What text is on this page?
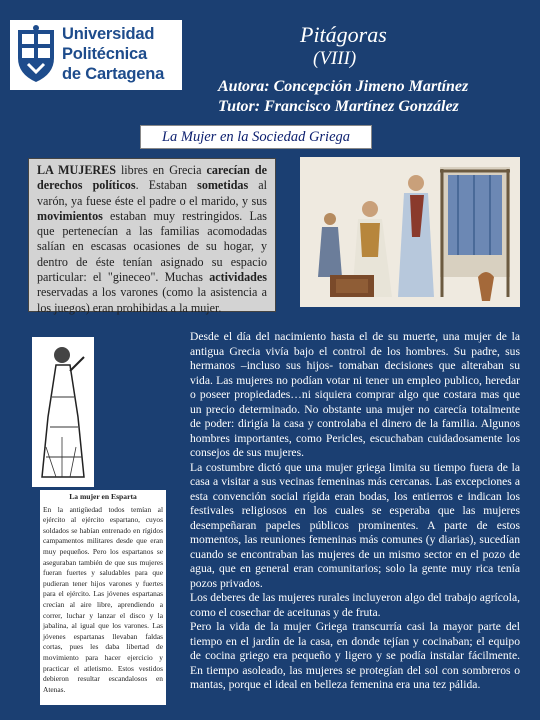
Universidad
Politécnica
de Cartagena
Pitágoras
(VIII)
Autora: Concepción Jimeno Martínez
Tutor: Francisco Martínez González
La Mujer en la Sociedad Griega
LA MUJERES libres en Grecia carecían de derechos políticos. Estaban sometidas al varón, ya fuese éste el padre o el marido, y sus movimientos estaban muy restringidos. Las que pertenecían a las familias acomodadas salían en escasas ocasiones de su hogar, y dentro de éste tenían asignado su espacio particular: el "gineceo". Muchas actividades reservadas a los varones (como la asistencia a los juegos) eran prohibidas a la mujer.
La mujer en Esparta
En la antigüedad todos temían al ejército al ejército espartano, cuyos soldados se habían entrenado en rígidos campamentos militares desde que eran muy pequeños. Pero los espartanos se aseguraban también de que sus mujeres fueran fuertes y saludables para que pudieran tener hijos varones y fuertes para el ejército. Las jóvenes espartanas crecían al aire libre, aprendiendo a correr, luchar y lanzar el disco y la jabalina, al igual que los varones. Las jóvenes espartanas llevaban faldas cortas, pues les daba libertad de movimiento para hacer ejercicio y practicar el atletismo. Estos vestidos debieron resultar escandalosos en Atenas.

Desde el día del nacimiento hasta el de su muerte, una mujer de la antigua Grecia vivía bajo el control de los hombres. Su padre, sus hermanos –incluso sus hijos- tomaban decisiones que alteraban su vida. Las mujeres no podían votar ni tener un empleo publico, heredar o poseer propiedades…ni siquiera comprar algo que costara mas que un precio determinado. No obstante una mujer no carecía totalmente de poder: dirigía la casa y controlaba el dinero de la familia. Algunos hombres importantes, como Pericles, escuchaban cuidadosamente los consejos de sus mujeres.

La costumbre dictó que una mujer griega limita su tiempo fuera de la casa a visitar a sus vecinas femeninas más cercanas. Las excepciones a esta convención social rígida eran bodas, los entierros e indican los festivales religiosos en los cuales se esperaba que las mujeres desempeñaran papeles públicos prominentes. A parte de estos momentos, las reuniones femeninas más comunes (y diarias), sucedían cuando se encontraban las mujeres de un mismo sector en el pozo de agua, que en general eran comunitarios; solo la gente muy rica tenía pozos privados.

Los deberes de las mujeres rurales incluyeron algo del trabajo agrícola, como el cosechar de aceitunas y de fruta.

Pero la vida de la mujer Griega transcurría casi la mayor parte del tiempo en el jardín de la casa, en donde tejían y cocinaban; el equipo de cocina griego era pequeño y ligero y se podía instalar fácilmente. En tiempo asoleado, las mujeres se protegían del sol con sombreros o mantas, porque el ideal en belleza femenina era una tez pálida.
